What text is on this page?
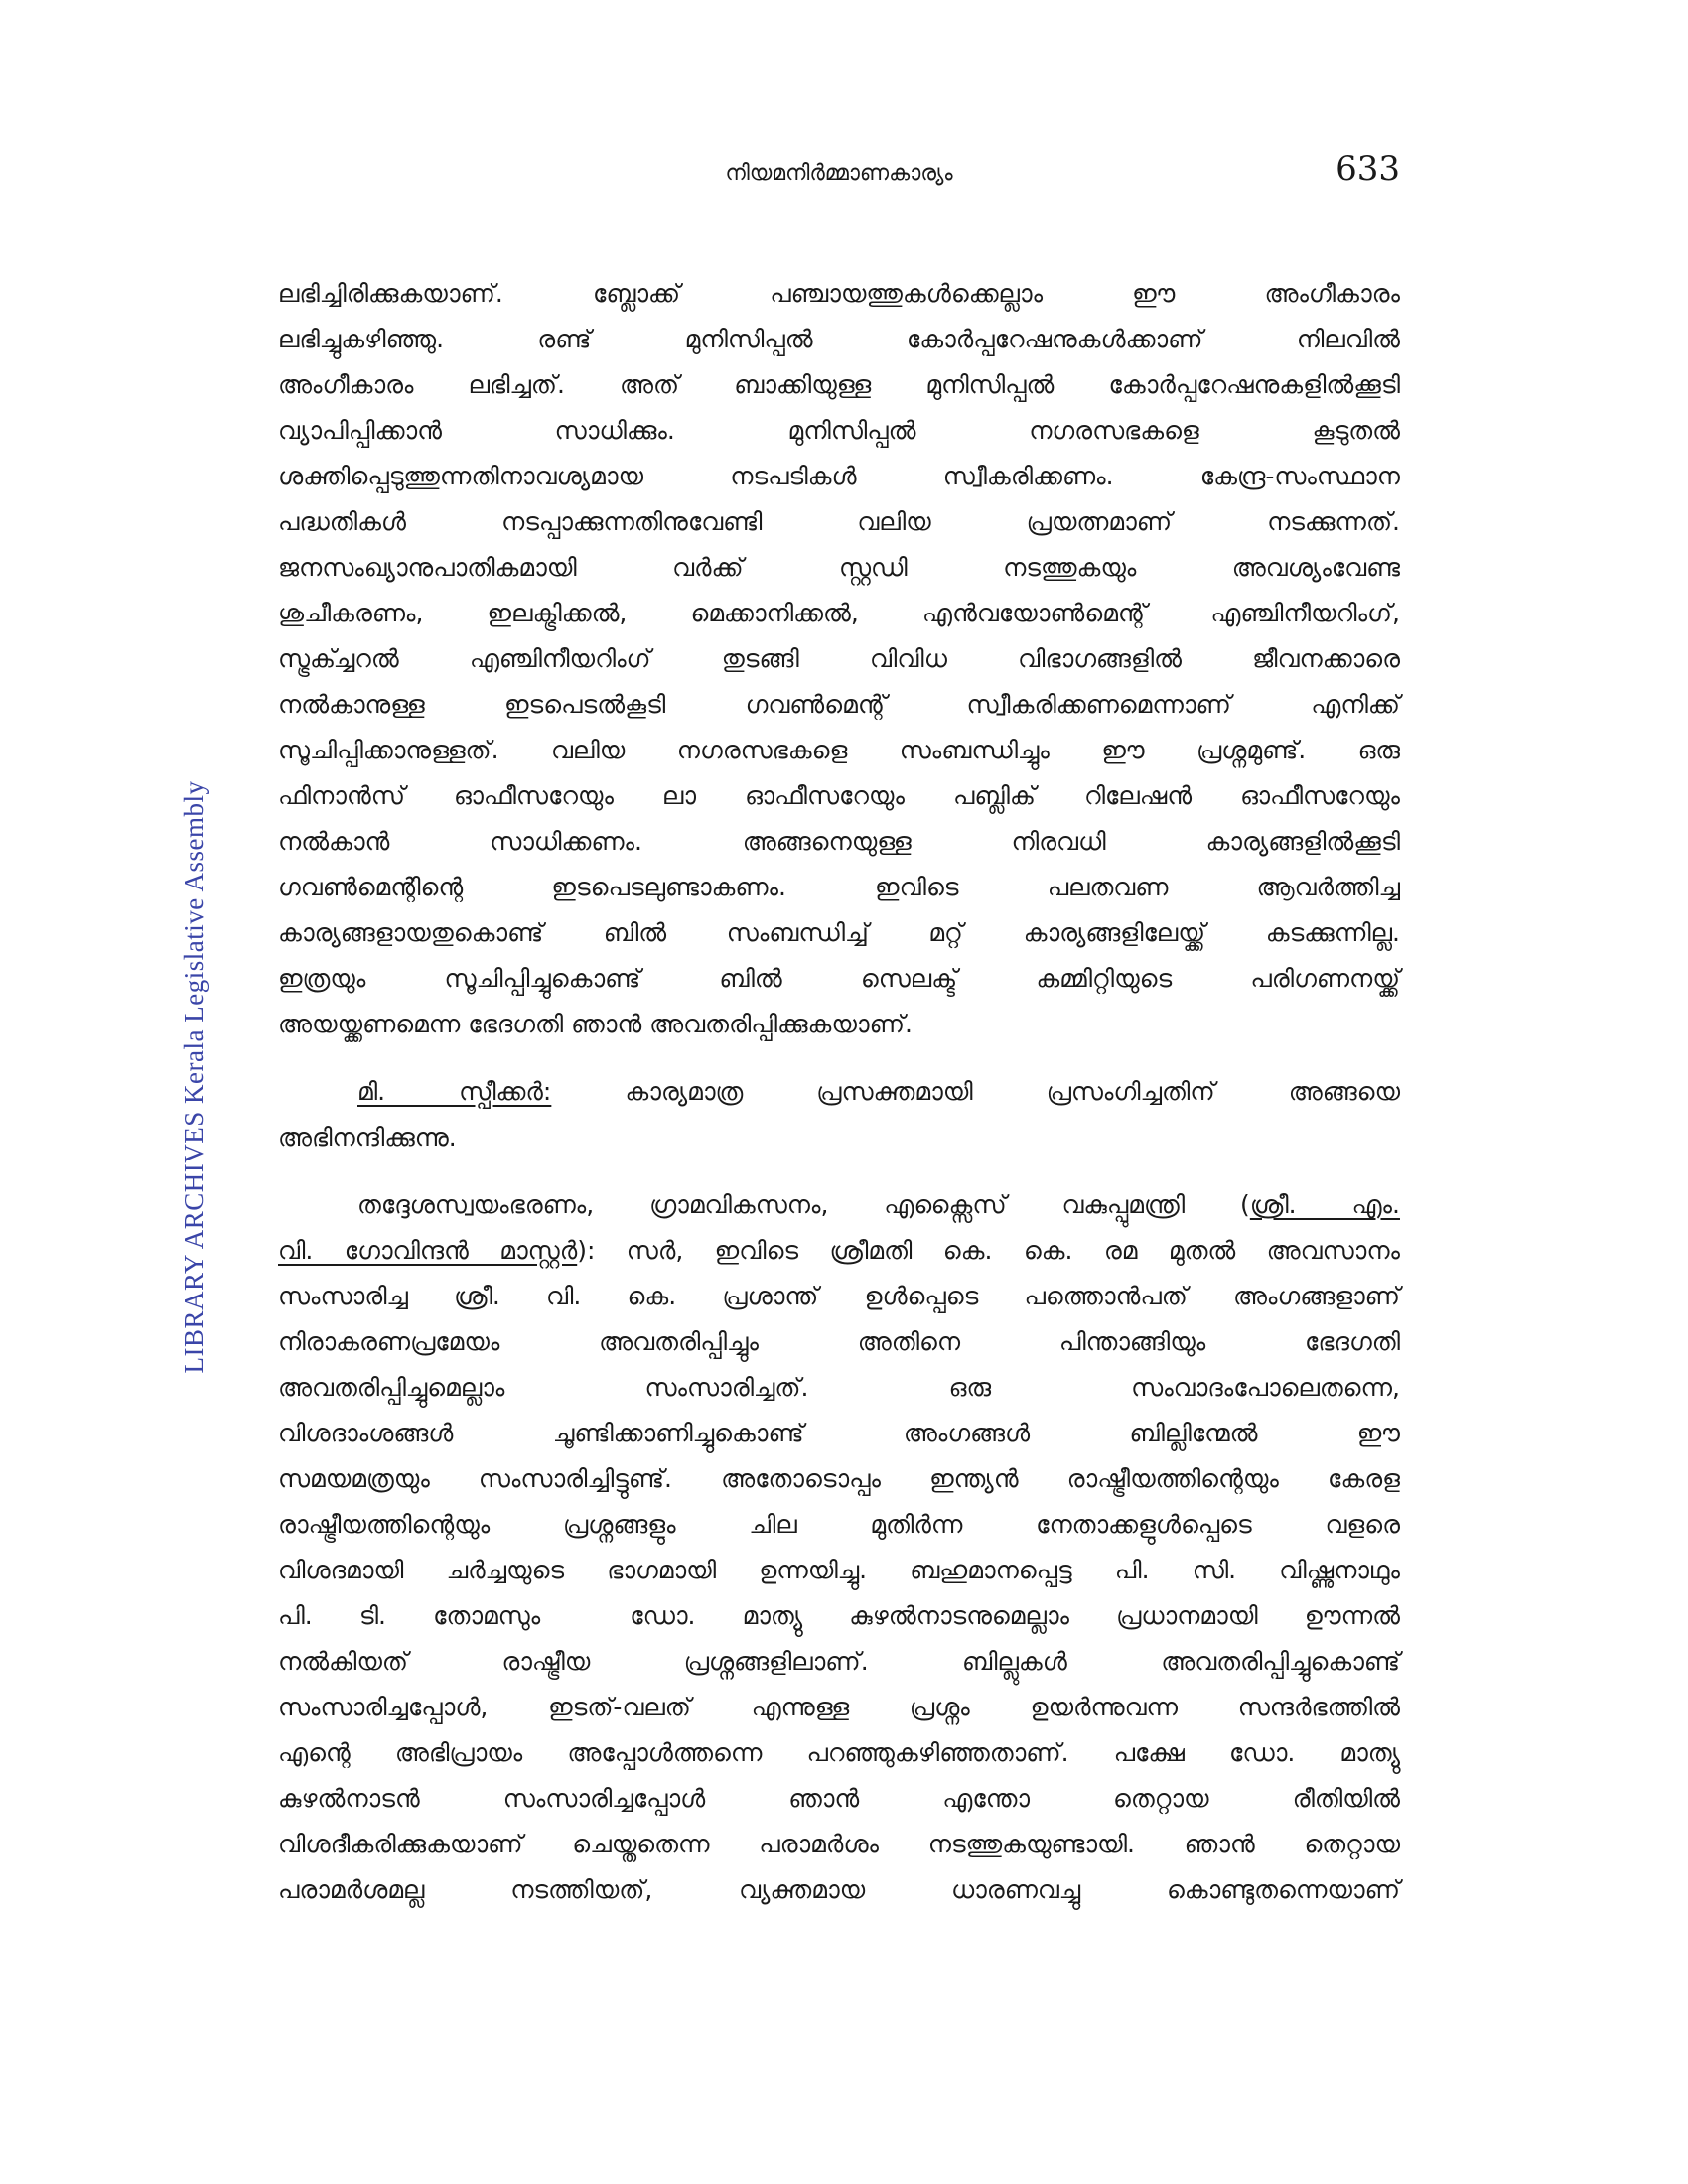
നിയമനിർമ്മാണകാര്യം	633
LIBRARY ARCHIVES Kerala Legislative Assembly
ലഭിച്ചിരിക്കുകയാണ്. ബ്ലോക്ക് പഞ്ചായത്തുകൾക്കെല്ലാം ഈ അംഗീകാരം
ലഭിച്ചുകഴിഞ്ഞു. രണ്ട് മുനിസിപ്പൽ കോർപ്പറേഷനുകൾക്കാണ് നിലവിൽ
അംഗീകാരം ലഭിച്ചത്. അത് ബാക്കിയുള്ള മുനിസിപ്പൽ കോർപ്പറേഷനുകളിൽക്കൂടി
വ്യാപിപ്പിക്കാൻ സാധിക്കും. മുനിസിപ്പൽ നഗരസഭകളെ കൂടുതൽ
ശക്തിപ്പെടുത്തുന്നതിനാവശ്യമായ നടപടികൾ സ്വീകരിക്കണം. കേന്ദ്ര-സംസ്ഥാന
പദ്ധതികൾ നടപ്പാക്കുന്നതിനുവേണ്ടി വലിയ പ്രയത്നമാണ് നടക്കുന്നത്.
ജനസംഖ്യാനുപാതികമായി വർക്ക് സ്റ്റഡി നടത്തുകയും അവശ്യംവേണ്ട
ശുചീകരണം, ഇലക്ട്രിക്കൽ, മെക്കാനിക്കൽ, എൻവയോൺമെന്റ് എഞ്ചിനീയറിംഗ്,
സ്ട്രക്ച്ചറൽ എഞ്ചിനീയറിംഗ് തുടങ്ങി വിവിധ വിഭാഗങ്ങളിൽ ജീവനക്കാരെ
നൽകാനുള്ള ഇടപെടൽകൂടി ഗവൺമെന്റ് സ്വീകരിക്കണമെന്നാണ് എനിക്ക്
സൂചിപ്പിക്കാനുള്ളത്. വലിയ നഗരസഭകളെ സംബന്ധിച്ചും ഈ പ്രശ്നമുണ്ട്. ഒരു
ഫിനാൻസ് ഓഫീസറേയും ലാ ഓഫീസറേയും പബ്ലിക് റിലേഷൻ ഓഫീസറേയും
നൽകാൻ സാധിക്കണം. അങ്ങനെയുള്ള നിരവധി കാര്യങ്ങളിൽക്കൂടി
ഗവൺമെന്റിന്റെ ഇടപെടലുണ്ടാകണം. ഇവിടെ പലതവണ ആവർത്തിച്ച
കാര്യങ്ങളായതുകൊണ്ട് ബിൽ സംബന്ധിച്ച് മറ്റ് കാര്യങ്ങളിലേയ്ക്ക് കടക്കുന്നില്ല.
ഇത്രയും സൂചിപ്പിച്ചുകൊണ്ട് ബിൽ സെലക്ട് കമ്മിറ്റിയുടെ പരിഗണനയ്ക്ക്
അയയ്ക്കണമെന്ന ഭേദഗതി ഞാൻ അവതരിപ്പിക്കുകയാണ്.
മി. സ്പീക്കർ:	കാര്യമാത്ര പ്രസക്തമായി പ്രസംഗിച്ചതിന് അങ്ങയെ
അഭിനന്ദിക്കുന്നു.
തദ്ദേശസ്വയംഭരണം, ഗ്രാമവികസനം, എക്സൈസ് വകുപ്പുമന്ത്രി (ശ്രീ. എം.
വി. ഗോവിന്ദൻ മാസ്റ്റർ): സർ, ഇവിടെ ശ്രീമതി കെ. കെ. രമ മുതൽ അവസാനം
സംസാരിച്ച ശ്രീ. വി. കെ. പ്രശാന്ത് ഉൾപ്പെടെ പത്തൊൻപത് അംഗങ്ങളാണ്
നിരാകരണപ്രമേയം അവതരിപ്പിച്ചും അതിനെ പിന്താങ്ങിയും ഭേദഗതി
അവതരിപ്പിച്ചുമെല്ലാം സംസാരിച്ചത്. ഒരു സംവാദംപോലെതന്നെ,
വിശദാംശങ്ങൾ ചൂണ്ടിക്കാണിച്ചുകൊണ്ട് അംഗങ്ങൾ ബില്ലിന്മേൽ ഈ
സമയമത്രയും സംസാരിച്ചിട്ടുണ്ട്. അതോടൊപ്പം ഇന്ത്യൻ രാഷ്ട്രീയത്തിന്റെയും കേരള
രാഷ്ട്രീയത്തിന്റെയും പ്രശ്നങ്ങളും ചില മുതിർന്ന നേതാക്കളുൾപ്പെടെ വളരെ
വിശദമായി ചർച്ചയുടെ ഭാഗമായി ഉന്നയിച്ചു. ബഹുമാനപ്പെട്ട പി. സി. വിഷ്ണുനാഥും
പി. ടി. തോമസും	ഡോ. മാത്യു കുഴൽനാടനുമെല്ലാം പ്രധാനമായി ഊന്നൽ
നൽകിയത് രാഷ്ട്രീയ പ്രശ്നങ്ങളിലാണ്. ബില്ലുകൾ അവതരിപ്പിച്ചുകൊണ്ട്
സംസാരിച്ചപ്പോൾ, ഇടത്-വലത് എന്നുള്ള പ്രശ്നം ഉയർന്നുവന്ന സന്ദർഭത്തിൽ
എന്റെ അഭിപ്രായം അപ്പോൾത്തന്നെ പറഞ്ഞുകഴിഞ്ഞതാണ്. പക്ഷേ ഡോ. മാത്യു
കുഴൽനാടൻ സംസാരിച്ചപ്പോൾ ഞാൻ എന്തോ തെറ്റായ രീതിയിൽ
വിശദീകരിക്കുകയാണ് ചെയ്തതെന്ന പരാമർശം നടത്തുകയുണ്ടായി. ഞാൻ തെറ്റായ
പരാമർശമല്ല നടത്തിയത്, വ്യക്തമായ ധാരണവച്ചു കൊണ്ടുതന്നെയാണ്
